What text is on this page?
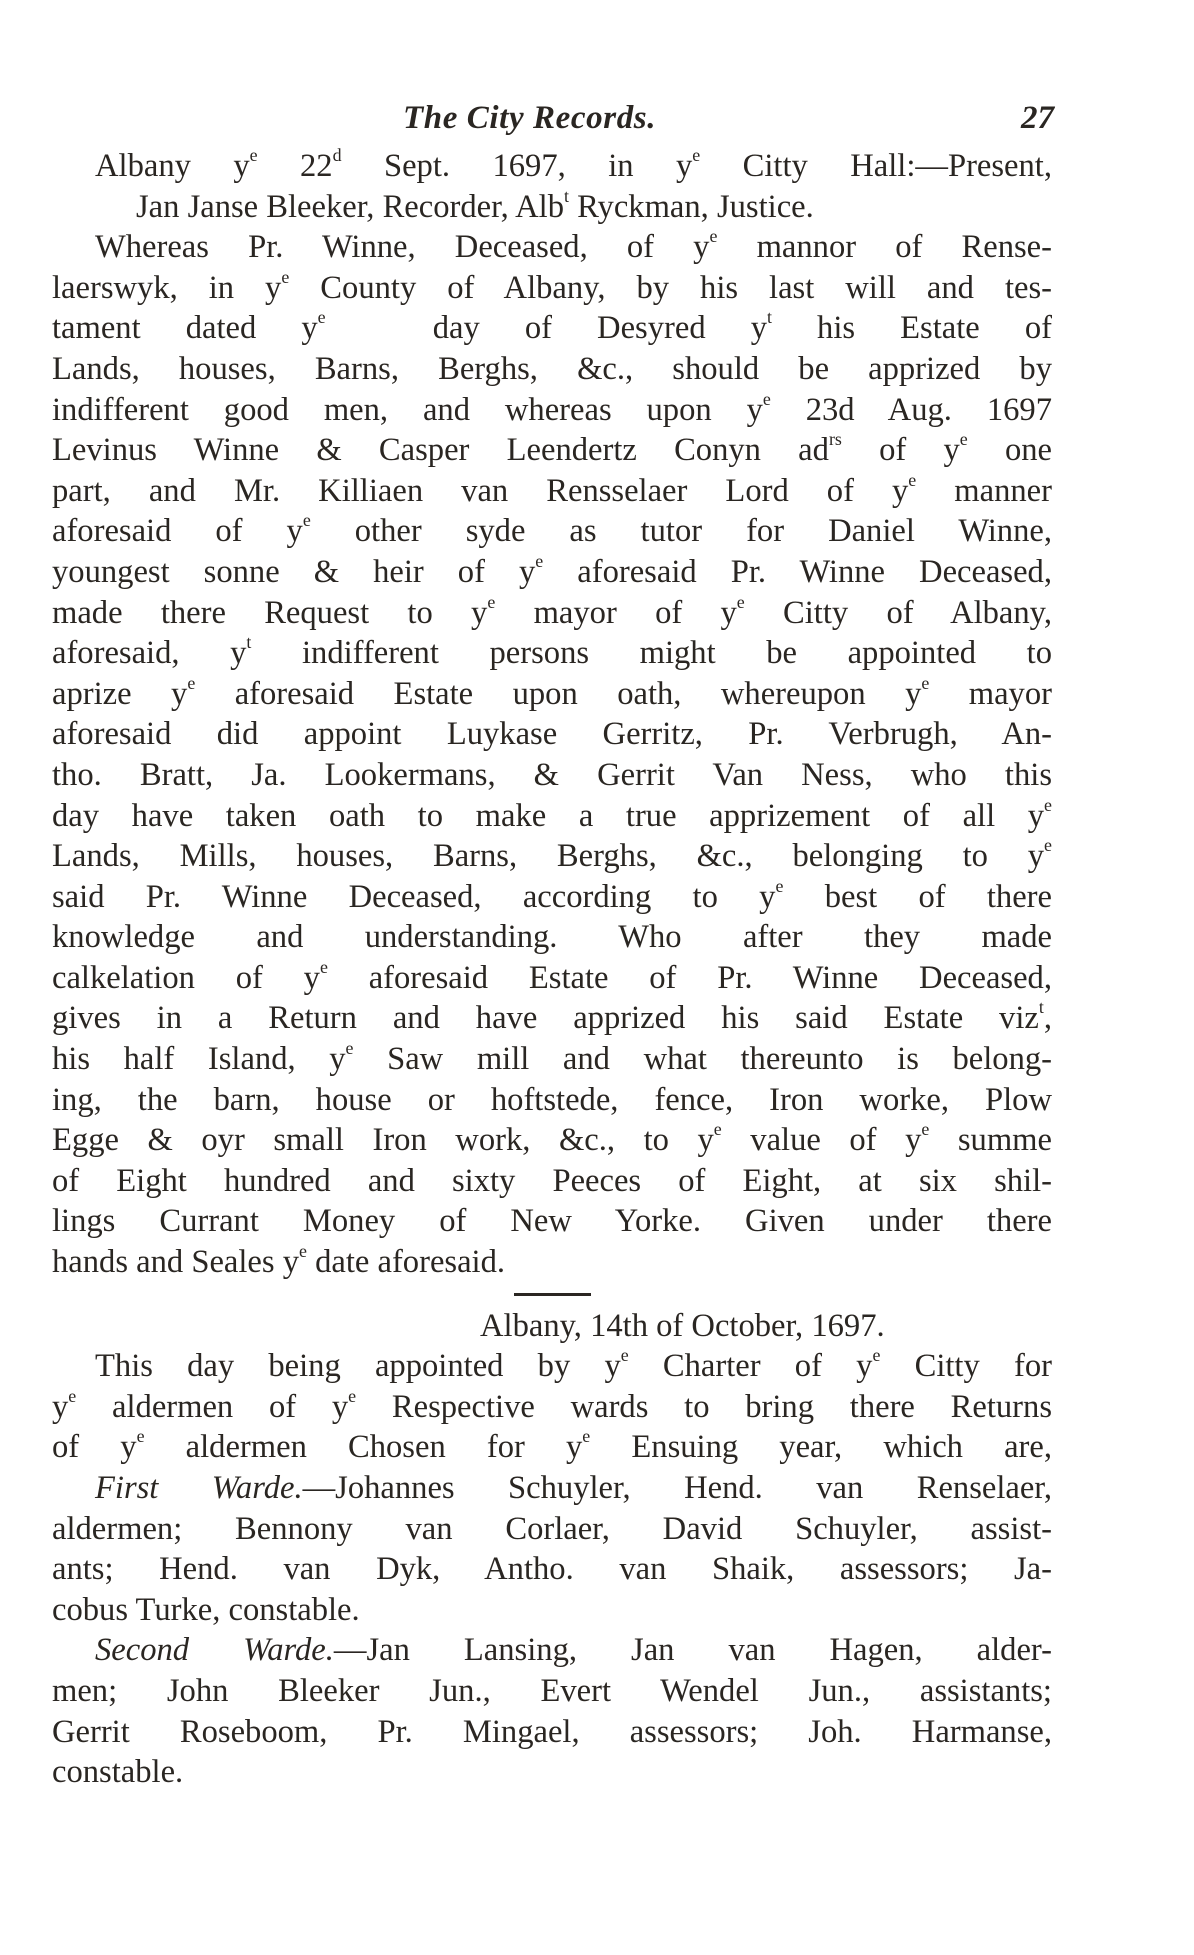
The City Records.	27
Albany $y^e$ 22$^d$ Sept. 1697, in $y^e$ Citty Hall:—Present,
Jan Janse Bleeker, Recorder, Alb$^t$ Ryckman, Justice.
Whereas Pr. Winne, Deceased, of $y^e$ mannor of Rense-
laerswyk, in $y^e$ County of Albany, by his last will and tes-
tament dated $y^e$ day of Desyred $y^t$ his Estate of
Lands, houses, Barns, Berghs, &c., should be apprized by
indifferent good men, and whereas upon $y^e$ 23d Aug. 1697
Levinus Winne & Casper Leendertz Conyn $ad^{rs}$ of $y^e$ one
part, and Mr. Killiaen van Rensselaer Lord of $y^e$ manner
aforesaid of $y^e$ other syde as tutor for Daniel Winne,
youngest sonne & heir of $y^e$ aforesaid Pr. Winne Deceased,
made there Request to $y^e$ mayor of $y^e$ Citty of Albany,
aforesaid, $y^t$ indifferent persons might be appointed to
aprize $y^e$ aforesaid Estate upon oath, whereupon $y^e$ mayor
aforesaid did appoint Luykase Gerritz, Pr. Verbrugh, An-
tho. Bratt, Ja. Lookermans, & Gerrit Van Ness, who this
day have taken oath to make a true apprizement of all $y^e$
Lands, Mills, houses, Barns, Berghs, &c., belonging to $y^e$
said Pr. Winne Deceased, according to $y^e$ best of there
knowledge and understanding. Who after they made
calkelation of $y^e$ aforesaid Estate of Pr. Winne Deceased,
gives in a Return and have apprized his said Estate viz$^t$,
his half Island, $y^e$ Saw mill and what thereunto is belong-
ing, the barn, house or hoftstede, fence, Iron worke, Plow
Egge & oyr small Iron work, &c., to $y^e$ value of $y^e$ summe
of Eight hundred and sixty Peeces of Eight, at six shil-
lings Currant Money of New Yorke. Given under there
hands and Seales $y^e$ date aforesaid.
Albany, 14th of October, 1697.
This day being appointed by $y^e$ Charter of $y^e$ Citty for
$y^e$ aldermen of $y^e$ Respective wards to bring there Returns
of $y^e$ aldermen Chosen for $y^e$ Ensuing year, which are,
First Warde.—Johannes Schuyler, Hend. van Renselaer,
aldermen; Bennony van Corlaer, David Schuyler, assist-
ants; Hend. van Dyk, Antho. van Shaik, assessors; Ja-
cobus Turke, constable.
Second Warde.—Jan Lansing, Jan van Hagen, alder-
men; John Bleeker Jun., Evert Wendel Jun., assistants;
Gerrit Roseboom, Pr. Mingael, assessors; Joh. Harmanse,
constable.
